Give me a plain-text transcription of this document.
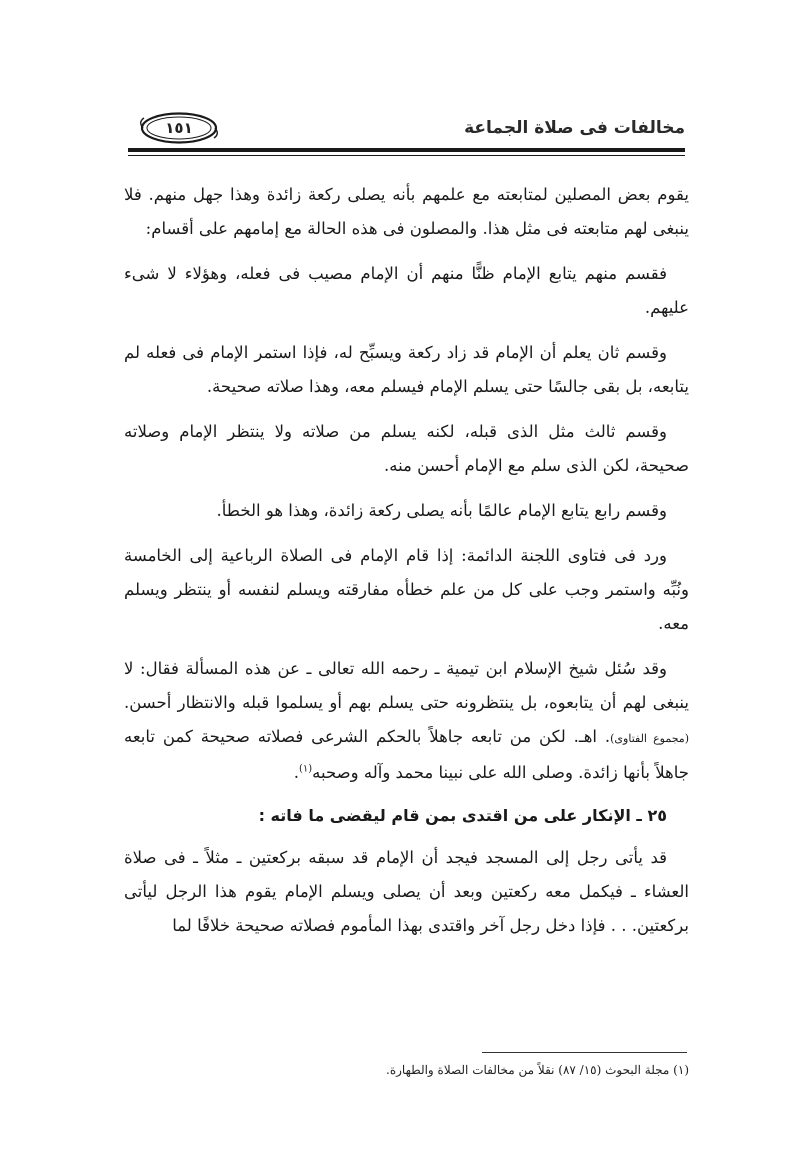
مخالفات فى صلاة الجماعة
١٥١

يقوم بعض المصلين لمتابعته مع علمهم بأنه يصلى ركعة زائدة وهذا جهل منهم. فلا ينبغى لهم متابعته فى مثل هذا. والمصلون فى هذه الحالة مع إمامهم على أقسام:

فقسم منهم يتابع الإمام ظنًّا منهم أن الإمام مصيب فى فعله، وهؤلاء لا شىء عليهم.

وقسم ثان يعلم أن الإمام قد زاد ركعة ويسبِّح له، فإذا استمر الإمام فى فعله لم يتابعه، بل بقى جالسًا حتى يسلم الإمام فيسلم معه، وهذا صلاته صحيحة.

وقسم ثالث مثل الذى قبله، لكنه يسلم من صلاته ولا ينتظر الإمام وصلاته صحيحة، لكن الذى سلم مع الإمام أحسن منه.

وقسم رابع يتابع الإمام عالمًا بأنه يصلى ركعة زائدة، وهذا هو الخطأ.

ورد فى فتاوى اللجنة الدائمة: إذا قام الإمام فى الصلاة الرباعية إلى الخامسة ونُبِّه واستمر وجب على كل من علم خطأه مفارقته ويسلم لنفسه أو ينتظر ويسلم معه.

وقد سُئل شيخ الإسلام ابن تيمية ـ رحمه الله تعالى ـ عن هذه المسألة فقال: لا ينبغى لهم أن يتابعوه، بل ينتظرونه حتى يسلم بهم أو يسلموا قبله والانتظار أحسن. (مجموع الفتاوى). اهـ. لكن من تابعه جاهلاً بالحكم الشرعى فصلاته صحيحة كمن تابعه جاهلاً بأنها زائدة. وصلى الله على نبينا محمد وآله وصحبه$^{(١)}$.

٢٥ ـ الإنكار على من اقتدى بمن قام ليقضى ما فاته :

قد يأتى رجل إلى المسجد فيجد أن الإمام قد سبقه بركعتين ـ مثلاً ـ فى صلاة العشاء ـ فيكمل معه ركعتين وبعد أن يصلى ويسلم الإمام يقوم هذا الرجل ليأتى بركعتين. . . فإذا دخل رجل آخر واقتدى بهذا المأموم فصلاته صحيحة خلافًا لما

(١) مجلة البحوث (١٥/ ٨٧) نقلاً من مخالفات الصلاة والطهارة.
